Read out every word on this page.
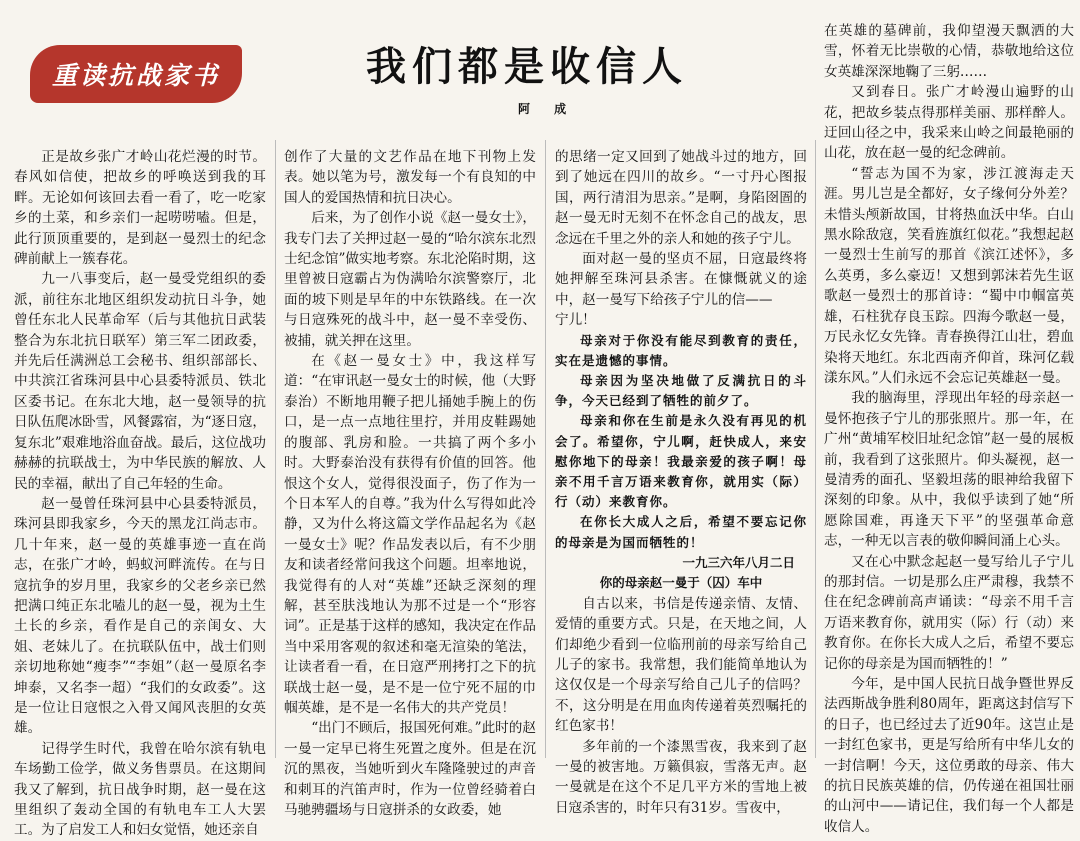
重读抗战家书	我们都是收信人
阿 成

正是故乡张广才岭山花烂漫的时节。春风如信使，把故乡的呼唤送到我的耳畔。无论如何该回去看一看了，吃一吃家乡的土菜，和乡亲们一起唠唠嗑。但是，此行顶顶重要的，是到赵一曼烈士的纪念碑前献上一簇春花。

九一八事变后，赵一曼受党组织的委派，前往东北地区组织发动抗日斗争，她曾任东北人民革命军（后与其他抗日武装整合为东北抗日联军）第三军二团政委，并先后任满洲总工会秘书、组织部部长、中共滨江省珠河县中心县委特派员、铁北区委书记。在东北大地，赵一曼领导的抗日队伍爬冰卧雪，风餐露宿，为“逐日寇，复东北”艰难地浴血奋战。最后，这位战功赫赫的抗联战士，为中华民族的解放、人民的幸福，献出了自己年轻的生命。

赵一曼曾任珠河县中心县委特派员，珠河县即我家乡，今天的黑龙江尚志市。几十年来，赵一曼的英雄事迹一直在尚志，在张广才岭，蚂蚁河畔流传。在与日寇抗争的岁月里，我家乡的父老乡亲已然把满口纯正东北嗑儿的赵一曼，视为土生土长的乡亲，看作是自己的亲闺女、大姐、老妹儿了。在抗联队伍中，战士们则亲切地称她“瘦李”“李姐”（赵一曼原名李坤泰，又名李一超）“我们的女政委”。这是一位让日寇恨之入骨又闻风丧胆的女英雄。

记得学生时代，我曾在哈尔滨有轨电车场勤工俭学，做义务售票员。在这期间我又了解到，抗日战争时期，赵一曼在这里组织了轰动全国的有轨电车工人大罢工。为了启发工人和妇女觉悟，她还亲自

创作了大量的文艺作品在地下刊物上发表。她以笔为号，激发每一个有良知的中国人的爱国热情和抗日决心。

后来，为了创作小说《赵一曼女士》，我专门去了关押过赵一曼的“哈尔滨东北烈士纪念馆”做实地考察。东北沦陷时期，这里曾被日寇霸占为伪满哈尔滨警察厅，北面的坡下则是早年的中东铁路线。在一次与日寇殊死的战斗中，赵一曼不幸受伤、被捕，就关押在这里。

在《赵一曼女士》中，我这样写道：“在审讯赵一曼女士的时候，他（大野泰治）不断地用鞭子把儿捅她手腕上的伤口，是一点一点地往里拧，并用皮鞋踢她的腹部、乳房和脸。一共搞了两个多小时。大野泰治没有获得有价值的回答。他恨这个女人，觉得很没面子，伤了作为一个日本军人的自尊。”我为什么写得如此冷静，又为什么将这篇文学作品起名为《赵一曼女士》呢？作品发表以后，有不少朋友和读者经常问我这个问题。坦率地说，我觉得有的人对“英雄”还缺乏深刻的理解，甚至肤浅地认为那不过是一个“形容词”。正是基于这样的感知，我决定在作品当中采用客观的叙述和毫无渲染的笔法，让读者看一看，在日寇严刑拷打之下的抗联战士赵一曼，是不是一位宁死不屈的巾帼英雄，是不是一名伟大的共产党员！

“出门不顾后，报国死何难。”此时的赵一曼一定早已将生死置之度外。但是在沉沉的黑夜，当她听到火车隆隆驶过的声音和刺耳的汽笛声时，作为一位曾经骑着白马驰骋疆场与日寇拼杀的女政委，她

的思绪一定又回到了她战斗过的地方，回到了她远在四川的故乡。“一寸丹心图报国，两行清泪为思亲。”是啊，身陷囹圄的赵一曼无时无刻不在怀念自己的战友，思念远在千里之外的亲人和她的孩子宁儿。

面对赵一曼的坚贞不屈，日寇最终将她押解至珠河县杀害。在慷慨就义的途中，赵一曼写下给孩子宁儿的信——

宁儿！

母亲对于你没有能尽到教育的责任，实在是遗憾的事情。

母亲因为坚决地做了反满抗日的斗争，今天已经到了牺牲的前夕了。

母亲和你在生前是永久没有再见的机会了。希望你，宁儿啊，赶快成人，来安慰你地下的母亲！我最亲爱的孩子啊！母亲不用千言万语来教育你，就用实（际）行（动）来教育你。

在你长大成人之后，希望不要忘记你的母亲是为国而牺牲的！

一九三六年八月二日

你的母亲赵一曼于（囚）车中

自古以来，书信是传递亲情、友情、爱情的重要方式。只是，在天地之间，人们却绝少看到一位临刑前的母亲写给自己儿子的家书。我常想，我们能简单地认为这仅仅是一个母亲写给自己儿子的信吗？不，这分明是在用血肉传递着英烈嘱托的红色家书！

多年前的一个漆黑雪夜，我来到了赵一曼的被害地。万籁俱寂，雪落无声。赵一曼就是在这个不足几平方米的雪地上被日寇杀害的，时年只有31岁。雪夜中，

在英雄的墓碑前，我仰望漫天飘洒的大雪，怀着无比崇敬的心情，恭敬地给这位女英雄深深地鞠了三躬……

又到春日。张广才岭漫山遍野的山花，把故乡装点得那样美丽、那样醉人。迂回山径之中，我采来山岭之间最艳丽的山花，放在赵一曼的纪念碑前。

“誓志为国不为家，涉江渡海走天涯。男儿岂是全都好，女子缘何分外差？未惜头颅新故国，甘将热血沃中华。白山黑水除敌寇，笑看旌旗红似花。”我想起赵一曼烈士生前写的那首《滨江述怀》，多么英勇，多么豪迈！又想到郭沫若先生讴歌赵一曼烈士的那首诗：“蜀中巾帼富英雄，石柱犹存良玉踪。四海今歌赵一曼，万民永忆女先锋。青春换得江山壮，碧血染将天地红。东北西南齐仰首，珠河亿载漾东风。”人们永远不会忘记英雄赵一曼。

我的脑海里，浮现出年轻的母亲赵一曼怀抱孩子宁儿的那张照片。那一年，在广州“黄埔军校旧址纪念馆”赵一曼的展板前，我看到了这张照片。仰头凝视，赵一曼清秀的面孔、坚毅坦荡的眼神给我留下深刻的印象。从中，我似乎读到了她“所愿除国难，再逢天下平”的坚强革命意志，一种无以言表的敬仰瞬间涌上心头。

又在心中默念起赵一曼写给儿子宁儿的那封信。一切是那么庄严肃穆，我禁不住在纪念碑前高声诵读：“母亲不用千言万语来教育你，就用实（际）行（动）来教育你。在你长大成人之后，希望不要忘记你的母亲是为国而牺牲的！”

今年，是中国人民抗日战争暨世界反法西斯战争胜利80周年，距离这封信写下的日子，也已经过去了近90年。这岂止是一封红色家书，更是写给所有中华儿女的一封信啊！今天，这位勇敢的母亲、伟大的抗日民族英雄的信，仍传递在祖国壮丽的山河中——请记住，我们每一个人都是收信人。
